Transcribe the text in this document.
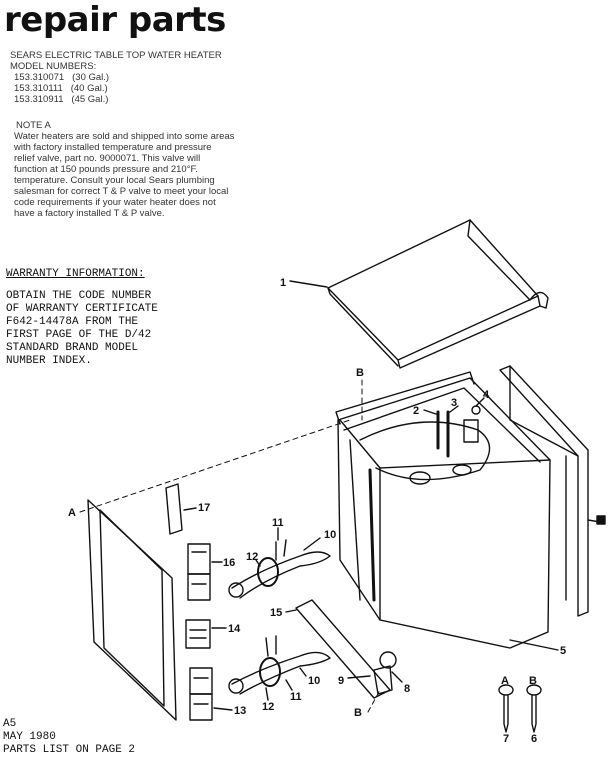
repair parts
SEARS ELECTRIC TABLE TOP WATER HEATER
MODEL NUMBERS:
153.310071 (30 Gal.)
153.310111 (40 Gal.)
153.310911 (45 Gal.)
NOTE A
Water heaters are sold and shipped into some areas
with factory installed temperature and pressure
relief valve, part no. 9000071. This valve will
function at 150 pounds pressure and 210°F.
temperature. Consult your local Sears plumbing
salesman for correct T & P valve to meet your local
code requirements if your water heater does not
have a factory installed T & P valve.
WARRANTY INFORMATION:
OBTAIN THE CODE NUMBER
OF WARRANTY CERTIFICATE
F642-14478A FROM THE
FIRST PAGE OF THE D/42
STANDARD BRAND MODEL
NUMBER INDEX.
A5
MAY 1980
PARTS LIST ON PAGE 2
1
2
3
4
5
6
7
8
9
10
10
11
11
12
12
13
14
15
16
17
A
B
B
A B
